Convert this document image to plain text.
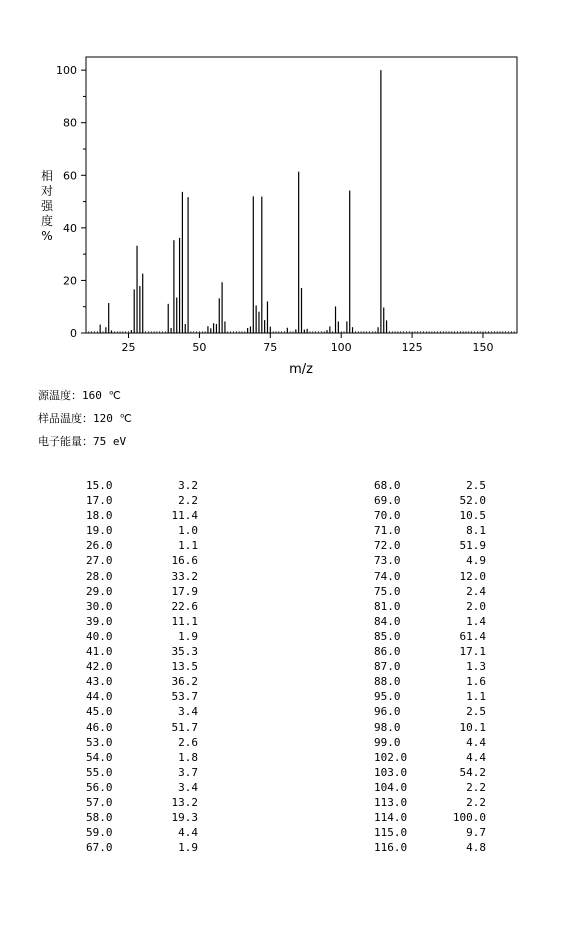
0
20
40
60
80
100
25	50	75	100	125	150
m/z
相
对
强
度
%
源温度：160 ℃
样品温度：120 ℃
电子能量：75 eV
15.0	3.2
17.0	2.2
18.0	11.4
19.0	1.0
26.0	1.1
27.0	16.6
28.0	33.2
29.0	17.9
30.0	22.6
39.0	11.1
40.0	1.9
41.0	35.3
42.0	13.5
43.0	36.2
44.0	53.7
45.0	3.4
46.0	51.7
53.0	2.6
54.0	1.8
55.0	3.7
56.0	3.4
57.0	13.2
58.0	19.3
59.0	4.4
67.0	1.9
68.0	2.5
69.0	52.0
70.0	10.5
71.0	8.1
72.0	51.9
73.0	4.9
74.0	12.0
75.0	2.4
81.0	2.0
84.0	1.4
85.0	61.4
86.0	17.1
87.0	1.3
88.0	1.6
95.0	1.1
96.0	2.5
98.0	10.1
99.0	4.4
102.0	4.4
103.0	54.2
104.0	2.2
113.0	2.2
114.0	100.0
115.0	9.7
116.0	4.8
